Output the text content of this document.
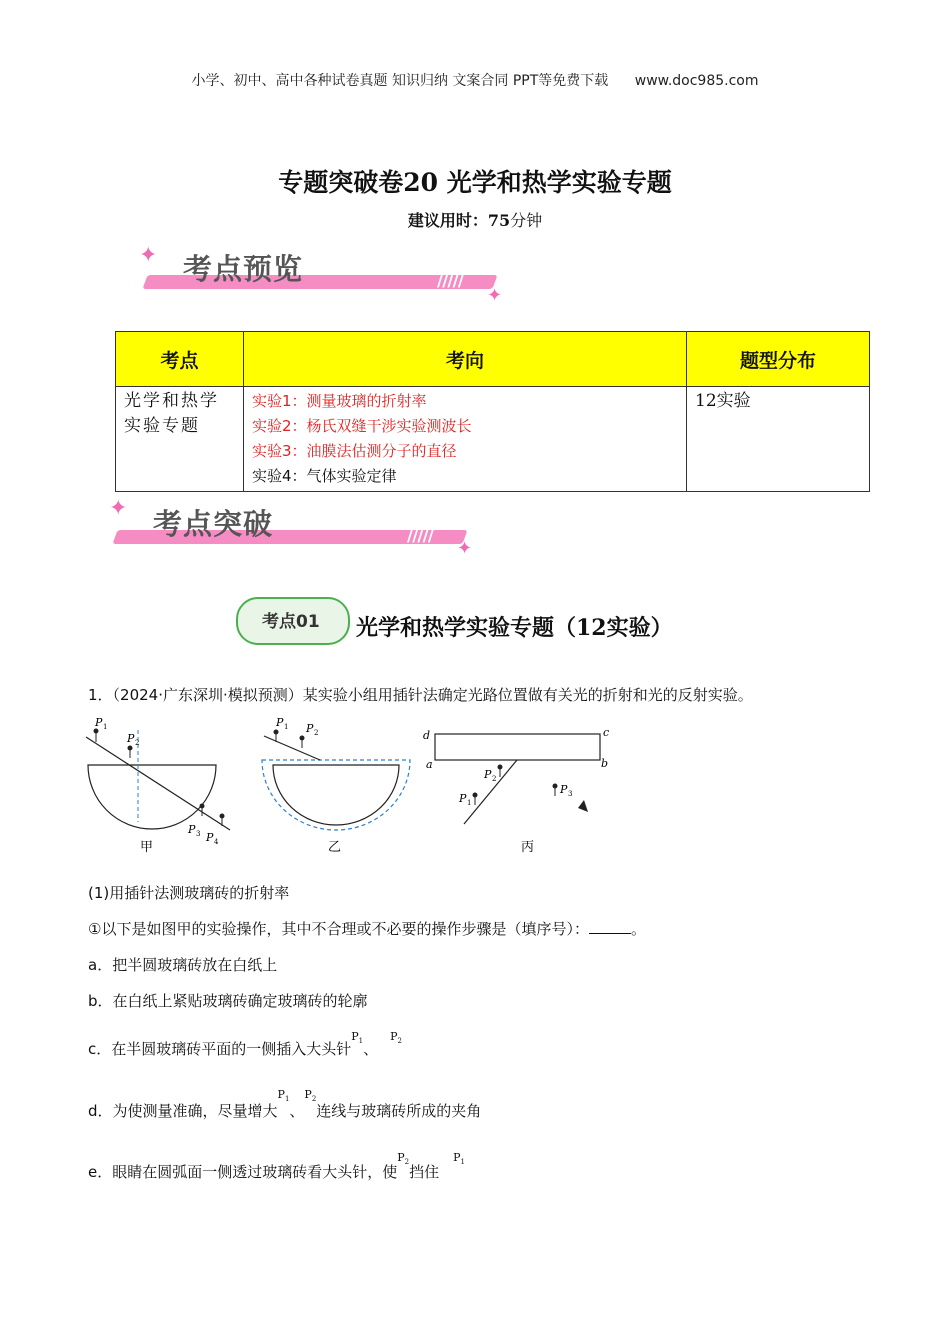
小学、初中、高中各种试卷真题 知识归纳 文案合同 PPT等免费下载 www.doc985.com
专题突破卷20 光学和热学实验专题
建议用时：75分钟
✦
✦
/////
考点预览
考点	考向	题型分布
光学和热学实验专题	实验1：测量玻璃的折射率
实验2：杨氏双缝干涉实验测波长
实验3：油膜法估测分子的直径
实验4：气体实验定律	12实验
✦
✦
/////
考点突破
考点01 光学和热学实验专题（12实验）
1．（2024·广东深圳·模拟预测）某实验小组用插针法确定光路位置做有关光的折射和光的反射实验。
P 1
P 2
P 3 P 4
甲
P 1 P 2
乙
d	c
a	b
P 2
P 1
P 3
丙
(1)用插针法测玻璃砖的折射率
①以下是如图甲的实验操作，其中不合理或不必要的操作步骤是（填序号）：	。
a．把半圆玻璃砖放在白纸上
b．在白纸上紧贴玻璃砖确定玻璃砖的轮廓
c．在半圆玻璃砖平面的一侧插入大头针$^{P_1}$、$^{P_2}$
d．为使测量准确，尽量增大$^{P_1}$、$^{P_2}$连线与玻璃砖所成的夹角
e．眼睛在圆弧面一侧透过玻璃砖看大头针，使$^{P_2}$挡住$^{P_1}$
